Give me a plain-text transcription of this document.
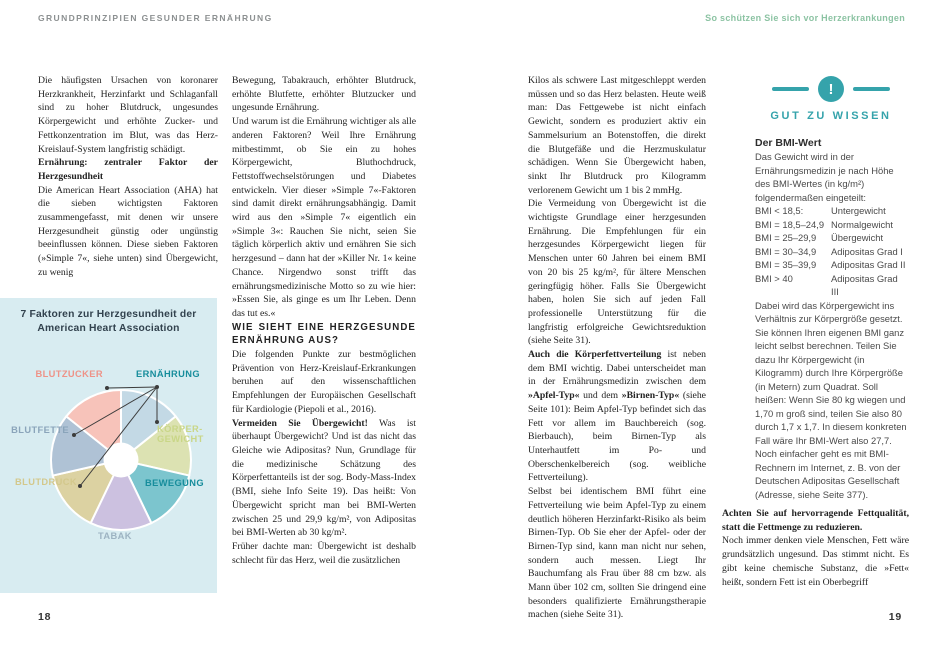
GRUNDPRINZIPIEN GESUNDER ERNÄHRUNG	So schützen Sie sich vor Herzerkrankungen

Die häufigsten Ursachen von koronarer Herzkrankheit, Herzinfarkt und Schlaganfall sind zu hoher Blutdruck, ungesundes Körpergewicht und erhöhte Zucker- und Fettkonzentration im Blut, was das Herz-Kreislauf-System langfristig schädigt.

Ernährung: zentraler Faktor der Herzgesundheit

Die American Heart Association (AHA) hat die sieben wichtigsten Faktoren zusammengefasst, mit denen wir unsere Herzgesundheit günstig oder ungünstig beeinflussen können. Diese sieben Faktoren (»Simple 7«, siehe unten) sind Übergewicht, zu wenig

7 Faktoren zur Herzgesundheit der American Heart Association
ERNÄHRUNG
KÖRPER-GEWICHT
BEWEGUNG
TABAK
BLUTDRUCK
BLUTFETTE
BLUTZUCKER

Bewegung, Tabakrauch, erhöhter Blutdruck, erhöhte Blutfette, erhöhter Blutzucker und ungesunde Ernährung.

Und warum ist die Ernährung wichtiger als alle anderen Faktoren? Weil Ihre Ernährung mitbestimmt, ob Sie ein zu hohes Körpergewicht, Bluthochdruck, Fettstoffwechselstörungen und Diabetes entwickeln. Vier dieser »Simple 7«-Faktoren sind damit direkt ernährungsabhängig. Damit wird aus den »Simple 7« eigentlich ein »Simple 3«: Rauchen Sie nicht, seien Sie täglich körperlich aktiv und ernähren Sie sich herzgesund – dann hat der »Killer Nr. 1« keine Chance. Nirgendwo sonst trifft das ernährungsmedizinische Motto so zu wie hier: »Essen Sie, als ginge es um Ihr Leben. Denn das tut es.«

WIE SIEHT EINE HERZGESUNDE ERNÄHRUNG AUS?

Die folgenden Punkte zur bestmöglichen Prävention von Herz-Kreislauf-Erkrankungen beruhen auf den wissenschaftlichen Empfehlungen der Europäischen Gesellschaft für Kardiologie (Piepoli et al., 2016).

Vermeiden Sie Übergewicht! Was ist überhaupt Übergewicht? Und ist das nicht das Gleiche wie Adipositas? Nun, Grundlage für die medizinische Schätzung des Körperfettanteils ist der sog. Body-Mass-Index (BMI, siehe Info Seite 19). Das heißt: Von Übergewicht spricht man bei BMI-Werten zwischen 25 und 29,9 kg/m², von Adipositas bei BMI-Werten ab 30 kg/m².

Früher dachte man: Übergewicht ist deshalb schlecht für das Herz, weil die zusätzlichen

Kilos als schwere Last mitgeschleppt werden müssen und so das Herz belasten. Heute weiß man: Das Fettgewebe ist nicht einfach Gewicht, sondern es produziert aktiv ein Sammelsurium an Botenstoffen, die direkt die Blutgefäße und die Herzmuskulatur schädigen. Wenn Sie Übergewicht haben, sinkt Ihr Blutdruck pro Kilogramm verlorenem Gewicht um 1 bis 2 mmHg.

Die Vermeidung von Übergewicht ist die wichtigste Grundlage einer herzgesunden Ernährung. Die Empfehlungen für ein herzgesundes Körpergewicht liegen für Menschen unter 60 Jahren bei einem BMI von 20 bis 25 kg/m², für ältere Menschen geringfügig höher. Falls Sie Übergewicht haben, holen Sie sich auf jeden Fall professionelle Unterstützung für die langfristig erfolgreiche Gewichtsreduktion (siehe Seite 31).

Auch die Körperfettverteilung ist neben dem BMI wichtig. Dabei unterscheidet man in der Ernährungsmedizin zwischen dem »Apfel-Typ« und dem »Birnen-Typ« (siehe Seite 101): Beim Apfel-Typ befindet sich das Fett vor allem im Bauchbereich (sog. Bierbauch), beim Birnen-Typ als Unterhautfett im Po- und Oberschenkelbereich (sog. weibliche Fettverteilung).

Selbst bei identischem BMI führt eine Fettverteilung wie beim Apfel-Typ zu einem deutlich höheren Herzinfarkt-Risiko als beim Birnen-Typ. Ob Sie eher der Apfel- oder der Birnen-Typ sind, kann man nicht nur sehen, sondern auch messen. Liegt Ihr Bauchumfang als Frau über 88 cm bzw. als Mann über 102 cm, sollten Sie dringend eine besonders qualifizierte Ernährungstherapie machen (siehe Seite 31).

!
GUT ZU WISSEN
Der BMI-Wert

Das Gewicht wird in der Ernährungsmedizin je nach Höhe des BMI-Wertes (in kg/m²) folgendermaßen eingeteilt:

BMI < 18,5:	Untergewicht
BMI = 18,5–24,9 Normalgewicht
BMI = 25–29,9	Übergewicht
BMI = 30–34,9	Adipositas Grad I
BMI = 35–39,9	Adipositas Grad II
BMI > 40	Adipositas Grad III

Dabei wird das Körpergewicht ins Verhältnis zur Körpergröße gesetzt. Sie können Ihren eigenen BMI ganz leicht selbst berechnen. Teilen Sie dazu Ihr Körpergewicht (in Kilogramm) durch Ihre Körpergröße (in Metern) zum Quadrat. Soll heißen: Wenn Sie 80 kg wiegen und 1,70 m groß sind, teilen Sie also 80 durch 1,7 x 1,7. In diesem konkreten Fall wäre Ihr BMI-Wert also 27,7. Noch einfacher geht es mit BMI-Rechnern im Internet, z. B. von der Deutschen Adipositas Gesellschaft (Adresse, siehe Seite 377).

Achten Sie auf hervorragende Fettqualität, statt die Fettmenge zu reduzieren.
Noch immer denken viele Menschen, Fett wäre grundsätzlich ungesund. Das stimmt nicht. Es gibt keine chemische Substanz, die »Fett« heißt, sondern Fett ist ein Oberbegriff

18	19
